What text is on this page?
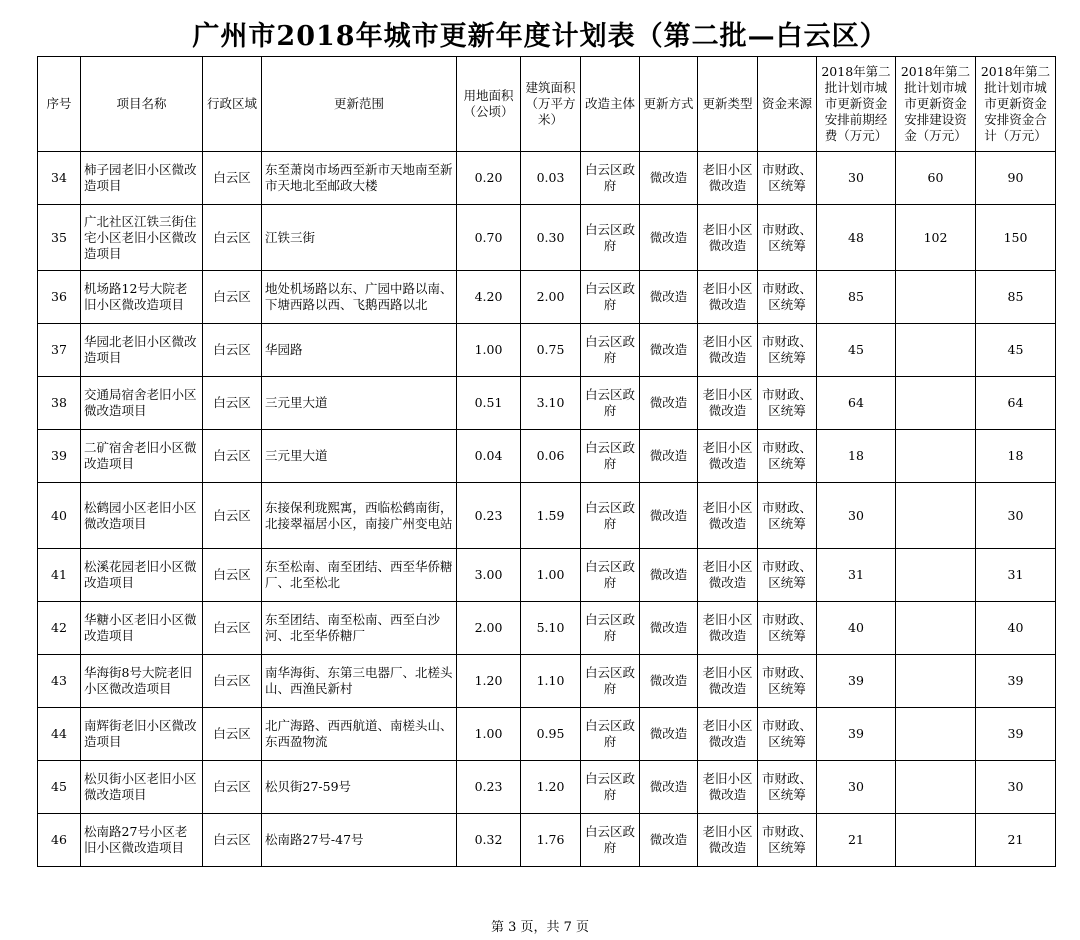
广州市2018年城市更新年度计划表（第二批—白云区）
序号	项目名称	行政区域	更新范围	用地面积（公顷）	建筑面积（万平方米）	改造主体	更新方式	更新类型	资金来源	2018年第二批计划市城市更新资金安排前期经费（万元）	2018年第二批计划市城市更新资金安排建设资金（万元）	2018年第二批计划市城市更新资金安排资金合计（万元）
34	柿子园老旧小区微改造项目	白云区	东至萧岗市场西至新市天地南至新市天地北至邮政大楼	0.20	0.03	白云区政府	微改造	老旧小区微改造	市财政、区统筹	30	60	90
35	广北社区江铁三街住宅小区老旧小区微改造项目	白云区	江铁三街	0.70	0.30	白云区政府	微改造	老旧小区微改造	市财政、区统筹	48	102	150
36	机场路12号大院老旧小区微改造项目	白云区	地处机场路以东、广园中路以南、下塘西路以西、飞鹅西路以北	4.20	2.00	白云区政府	微改造	老旧小区微改造	市财政、区统筹	85		85
37	华园北老旧小区微改造项目	白云区	华园路	1.00	0.75	白云区政府	微改造	老旧小区微改造	市财政、区统筹	45		45
38	交通局宿舍老旧小区微改造项目	白云区	三元里大道	0.51	3.10	白云区政府	微改造	老旧小区微改造	市财政、区统筹	64		64
39	二矿宿舍老旧小区微改造项目	白云区	三元里大道	0.04	0.06	白云区政府	微改造	老旧小区微改造	市财政、区统筹	18		18
40	松鹤园小区老旧小区微改造项目	白云区	东接保利珑熙寓，西临松鹤南街，北接翠福居小区，南接广州变电站	0.23	1.59	白云区政府	微改造	老旧小区微改造	市财政、区统筹	30		30
41	松溪花园老旧小区微改造项目	白云区	东至松南、南至团结、西至华侨糖厂、北至松北	3.00	1.00	白云区政府	微改造	老旧小区微改造	市财政、区统筹	31		31
42	华糖小区老旧小区微改造项目	白云区	东至团结、南至松南、西至白沙河、北至华侨糖厂	2.00	5.10	白云区政府	微改造	老旧小区微改造	市财政、区统筹	40		40
43	华海街8号大院老旧小区微改造项目	白云区	南华海街、东第三电器厂、北槎头山、西渔民新村	1.20	1.10	白云区政府	微改造	老旧小区微改造	市财政、区统筹	39		39
44	南辉街老旧小区微改造项目	白云区	北广海路、西西航道、南槎头山、东西盈物流	1.00	0.95	白云区政府	微改造	老旧小区微改造	市财政、区统筹	39		39
45	松贝街小区老旧小区微改造项目	白云区	松贝街27-59号	0.23	1.20	白云区政府	微改造	老旧小区微改造	市财政、区统筹	30		30
46	松南路27号小区老旧小区微改造项目	白云区	松南路27号-47号	0.32	1.76	白云区政府	微改造	老旧小区微改造	市财政、区统筹	21		21
第 3 页，共 7 页
